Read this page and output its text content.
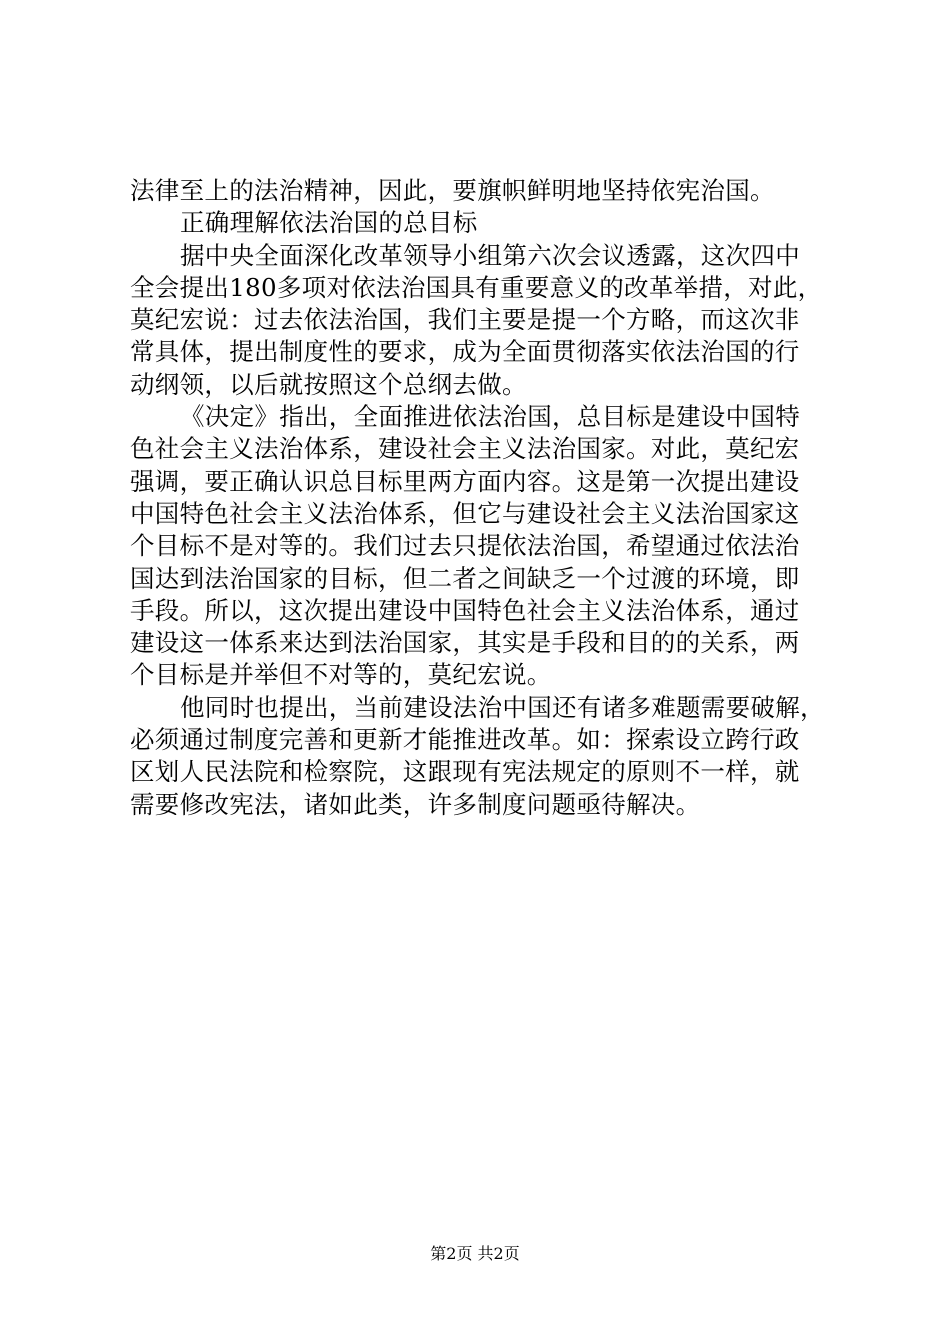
法律至上的法治精神，因此，要旗帜鲜明地坚持依宪治国。
正确理解依法治国的总目标
据中央全面深化改革领导小组第六次会议透露，这次四中
全会提出180多项对依法治国具有重要意义的改革举措，对此，
莫纪宏说：过去依法治国，我们主要是提一个方略，而这次非
常具体，提出制度性的要求，成为全面贯彻落实依法治国的行
动纲领，以后就按照这个总纲去做。
《决定》指出，全面推进依法治国，总目标是建设中国特
色社会主义法治体系，建设社会主义法治国家。对此，莫纪宏
强调，要正确认识总目标里两方面内容。这是第一次提出建设
中国特色社会主义法治体系，但它与建设社会主义法治国家这
个目标不是对等的。我们过去只提依法治国，希望通过依法治
国达到法治国家的目标，但二者之间缺乏一个过渡的环境，即
手段。所以，这次提出建设中国特色社会主义法治体系，通过
建设这一体系来达到法治国家，其实是手段和目的的关系，两
个目标是并举但不对等的，莫纪宏说。
他同时也提出，当前建设法治中国还有诸多难题需要破解，
必须通过制度完善和更新才能推进改革。如：探索设立跨行政
区划人民法院和检察院，这跟现有宪法规定的原则不一样，就
需要修改宪法，诸如此类，许多制度问题亟待解决。
第2页 共2页
